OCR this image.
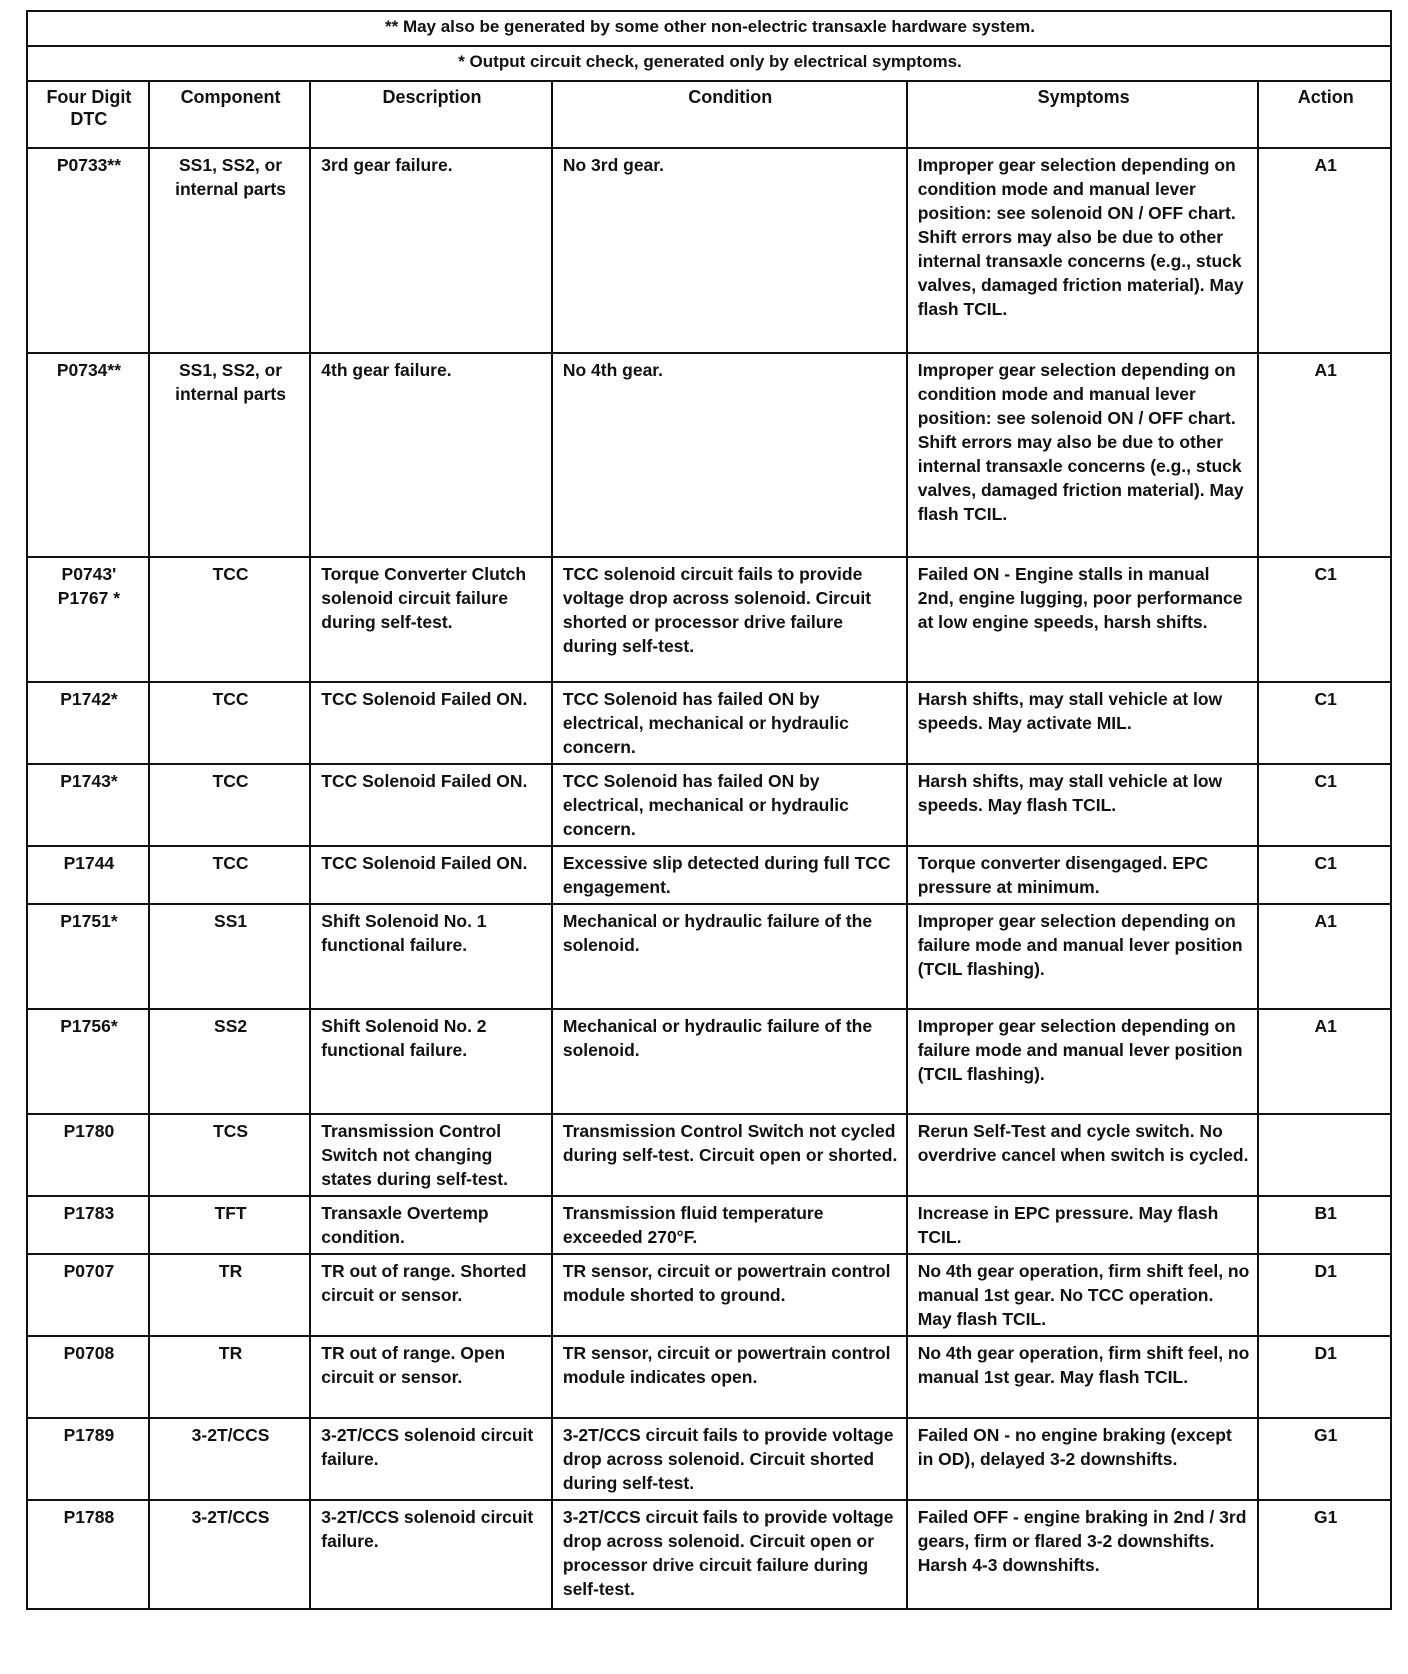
** May also be generated by some other non-electric transaxle hardware system.					
* Output circuit check, generated only by electrical symptoms.					
Four Digit DTC	Component	Description	Condition	Symptoms	Action
P0733**	SS1, SS2, or internal parts	3rd gear failure.	No 3rd gear.	Improper gear selection depending on condition mode and manual lever position: see solenoid ON / OFF chart. Shift errors may also be due to other internal transaxle concerns (e.g., stuck valves, damaged friction material). May flash TCIL.	A1
P0734**	SS1, SS2, or internal parts	4th gear failure.	No 4th gear.	Improper gear selection depending on condition mode and manual lever position: see solenoid ON / OFF chart. Shift errors may also be due to other internal transaxle concerns (e.g., stuck valves, damaged friction material). May flash TCIL.	A1
P0743' P1767 *	TCC	Torque Converter Clutch solenoid circuit failure during self-test.	TCC solenoid circuit fails to provide voltage drop across solenoid. Circuit shorted or processor drive failure during self-test.	Failed ON - Engine stalls in manual 2nd, engine lugging, poor performance at low engine speeds, harsh shifts.	C1
P1742*	TCC	TCC Solenoid Failed ON.	TCC Solenoid has failed ON by electrical, mechanical or hydraulic concern.	Harsh shifts, may stall vehicle at low speeds. May activate MIL.	C1
P1743*	TCC	TCC Solenoid Failed ON.	TCC Solenoid has failed ON by electrical, mechanical or hydraulic concern.	Harsh shifts, may stall vehicle at low speeds. May flash TCIL.	C1
P1744	TCC	TCC Solenoid Failed ON.	Excessive slip detected during full TCC engagement.	Torque converter disengaged. EPC pressure at minimum.	C1
P1751*	SS1	Shift Solenoid No. 1 functional failure.	Mechanical or hydraulic failure of the solenoid.	Improper gear selection depending on failure mode and manual lever position (TCIL flashing).	A1
P1756*	SS2	Shift Solenoid No. 2 functional failure.	Mechanical or hydraulic failure of the solenoid.	Improper gear selection depending on failure mode and manual lever position (TCIL flashing).	A1
P1780	TCS	Transmission Control Switch not changing states during self-test.	Transmission Control Switch not cycled during self-test. Circuit open or shorted.	Rerun Self-Test and cycle switch. No overdrive cancel when switch is cycled.	
P1783	TFT	Transaxle Overtemp condition.	Transmission fluid temperature exceeded 270°F.	Increase in EPC pressure. May flash TCIL.	B1
P0707	TR	TR out of range. Shorted circuit or sensor.	TR sensor, circuit or powertrain control module shorted to ground.	No 4th gear operation, firm shift feel, no manual 1st gear. No TCC operation. May flash TCIL.	D1
P0708	TR	TR out of range. Open circuit or sensor.	TR sensor, circuit or powertrain control module indicates open.	No 4th gear operation, firm shift feel, no manual 1st gear. May flash TCIL.	D1
P1789	3-2T/CCS	3-2T/CCS solenoid circuit failure.	3-2T/CCS circuit fails to provide voltage drop across solenoid. Circuit shorted during self-test.	Failed ON - no engine braking (except in OD), delayed 3-2 downshifts.	G1
P1788	3-2T/CCS	3-2T/CCS solenoid circuit failure.	3-2T/CCS circuit fails to provide voltage drop across solenoid. Circuit open or processor drive circuit failure during self-test.	Failed OFF - engine braking in 2nd / 3rd gears, firm or flared 3-2 downshifts. Harsh 4-3 downshifts.	G1
